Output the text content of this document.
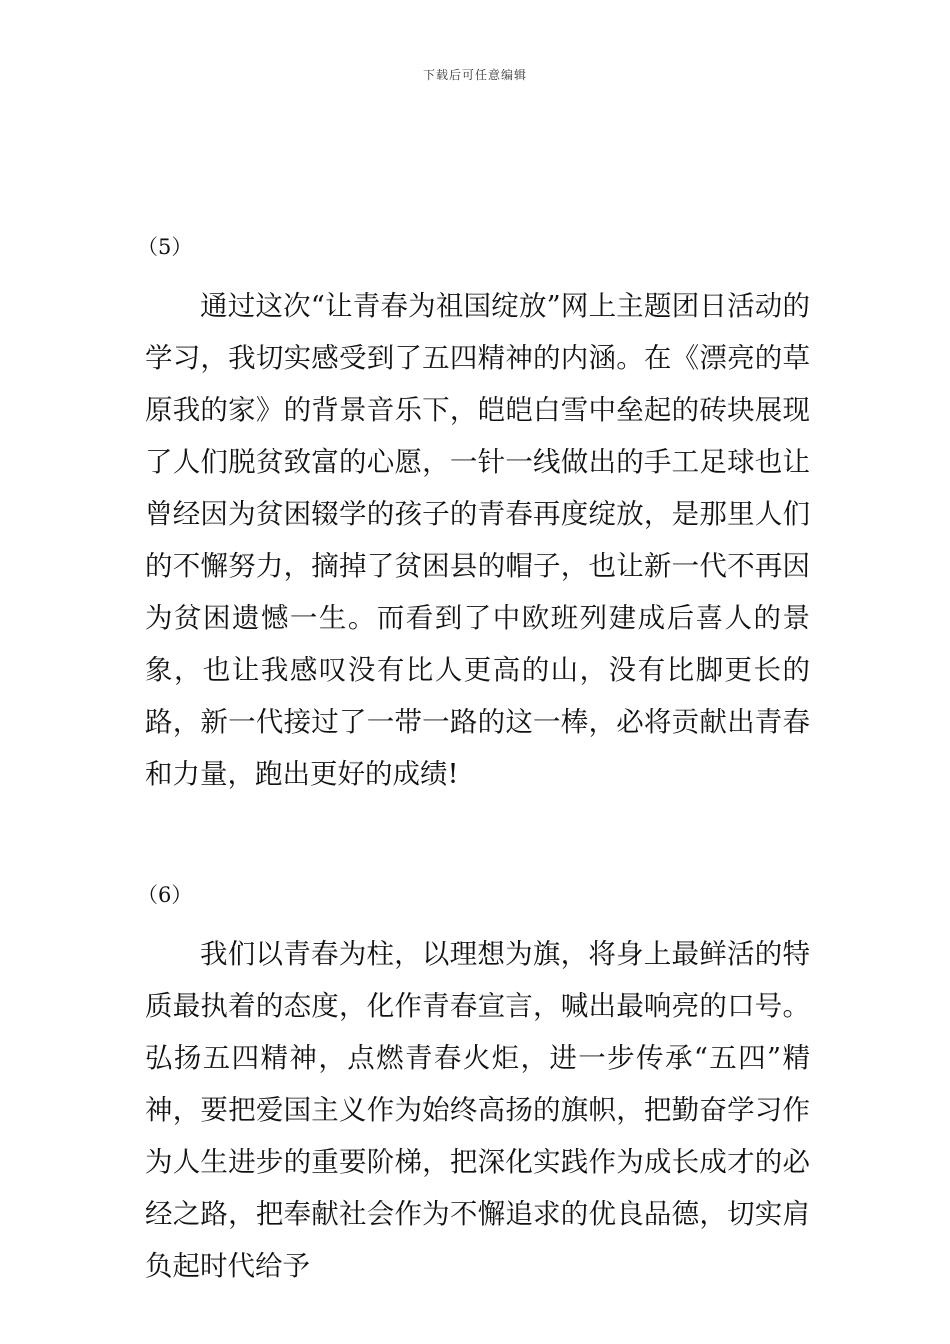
下载后可任意编辑
（5）

通过这次“让青春为祖国绽放”网上主题团日活动的学习，我切实感受到了五四精神的内涵。在《漂亮的草原我的家》的背景音乐下，皑皑白雪中垒起的砖块展现了人们脱贫致富的心愿，一针一线做出的手工足球也让曾经因为贫困辍学的孩子的青春再度绽放，是那里人们的不懈努力，摘掉了贫困县的帽子，也让新一代不再因为贫困遗憾一生。而看到了中欧班列建成后喜人的景象，也让我感叹没有比人更高的山，没有比脚更长的路，新一代接过了一带一路的这一棒，必将贡献出青春和力量，跑出更好的成绩!

（6）

我们以青春为柱，以理想为旗，将身上最鲜活的特质最执着的态度，化作青春宣言，喊出最响亮的口号。弘扬五四精神，点燃青春火炬，进一步传承“五四”精神，要把爱国主义作为始终高扬的旗帜，把勤奋学习作为人生进步的重要阶梯，把深化实践作为成长成才的必经之路，把奉献社会作为不懈追求的优良品德，切实肩负起时代给予
